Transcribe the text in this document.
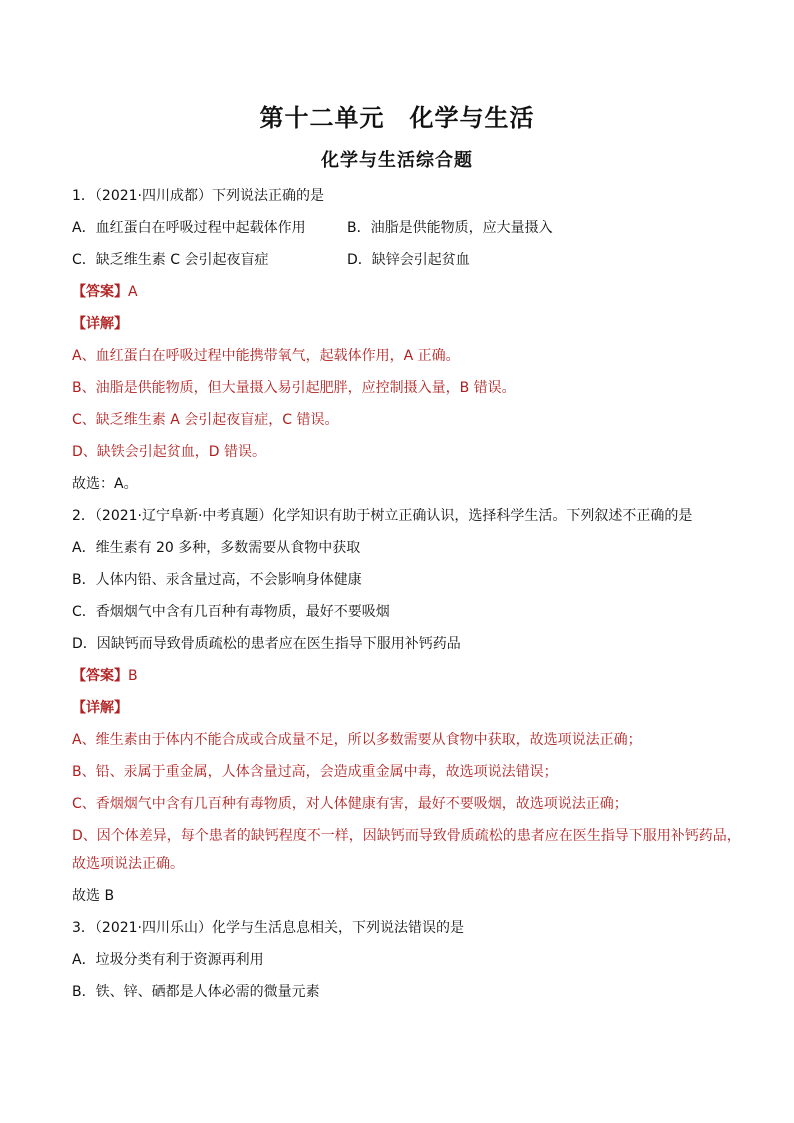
第十二单元　化学与生活
化学与生活综合题
1．（2021·四川成都）下列说法正确的是
A．血红蛋白在呼吸过程中起载体作用	B．油脂是供能物质，应大量摄入
C．缺乏维生素 C 会引起夜盲症	D．缺锌会引起贫血
【答案】A
【详解】
A、血红蛋白在呼吸过程中能携带氧气，起载体作用，A 正确。
B、油脂是供能物质，但大量摄入易引起肥胖，应控制摄入量，B 错误。
C、缺乏维生素 A 会引起夜盲症，C 错误。
D、缺铁会引起贫血，D 错误。
故选：A。
2．（2021·辽宁阜新·中考真题）化学知识有助于树立正确认识，选择科学生活。下列叙述不正确的是
A．维生素有 20 多种，多数需要从食物中获取
B．人体内铅、汞含量过高，不会影响身体健康
C．香烟烟气中含有几百种有毒物质，最好不要吸烟
D．因缺钙而导致骨质疏松的患者应在医生指导下服用补钙药品
【答案】B
【详解】
A、维生素由于体内不能合成或合成量不足，所以多数需要从食物中获取，故选项说法正确；
B、铅、汞属于重金属，人体含量过高，会造成重金属中毒，故选项说法错误；
C、香烟烟气中含有几百种有毒物质，对人体健康有害，最好不要吸烟，故选项说法正确；
D、因个体差异，每个患者的缺钙程度不一样，因缺钙而导致骨质疏松的患者应在医生指导下服用补钙药品，
故选项说法正确。
故选 B
3．（2021·四川乐山）化学与生活息息相关，下列说法错误的是
A．垃圾分类有利于资源再利用
B．铁、锌、硒都是人体必需的微量元素
